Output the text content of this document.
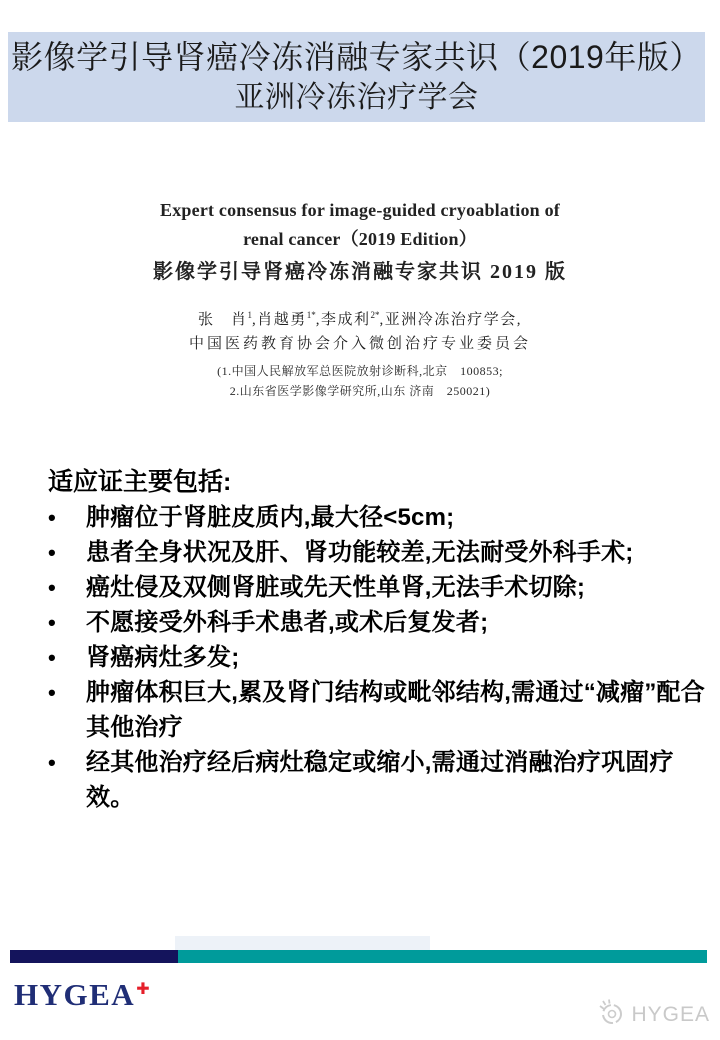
影像学引导肾癌冷冻消融专家共识（2019年版）
亚洲冷冻治疗学会
Expert consensus for image-guided cryoablation of
renal cancer（2019 Edition）
影像学引导肾癌冷冻消融专家共识 2019 版
张　肖$^1$,肖越勇$^{1*}$,李成利$^{2*}$,亚洲冷冻治疗学会,
中国医药教育协会介入微创治疗专业委员会
(1.中国人民解放军总医院放射诊断科,北京　100853;
2.山东省医学影像学研究所,山东 济南　250021)
适应证主要包括:
•	肿瘤位于肾脏皮质内,最大径<5cm;
•	患者全身状况及肝、肾功能较差,无法耐受外科手术;
•	癌灶侵及双侧肾脏或先天性单肾,无法手术切除;
•	不愿接受外科手术患者,或术后复发者;
•	肾癌病灶多发;
•	肿瘤体积巨大,累及肾门结构或毗邻结构,需通过“减瘤”配合其他治疗
•	经其他治疗经后病灶稳定或缩小,需通过消融治疗巩固疗效。
HYGEA✚
HYGEA
